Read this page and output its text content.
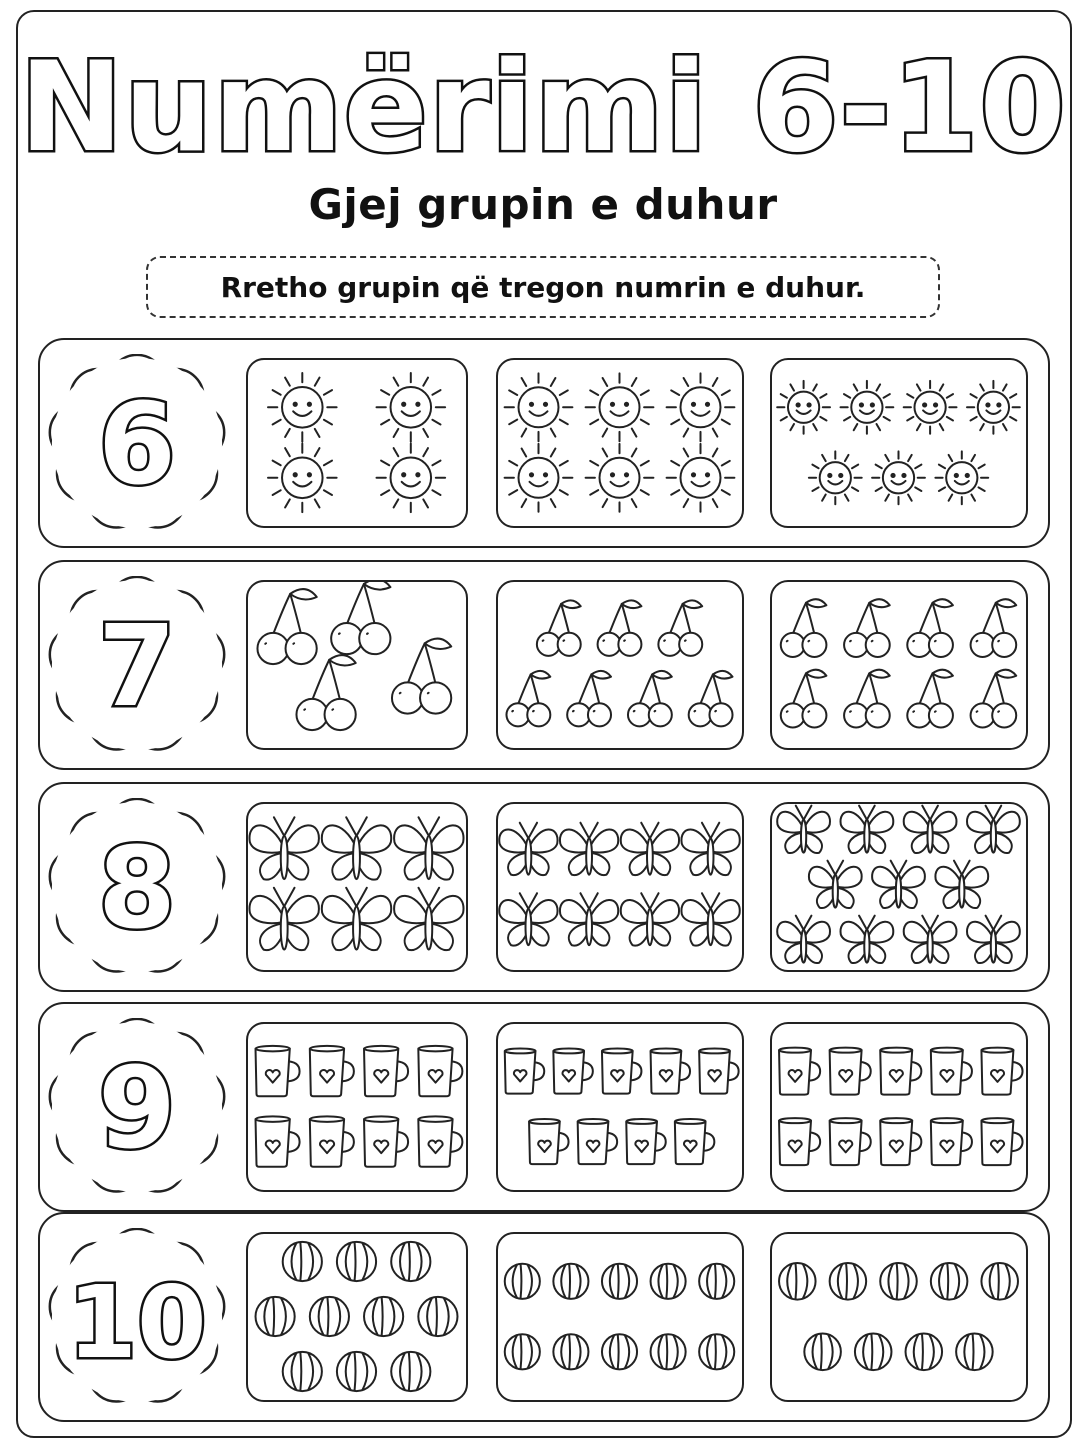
Numërimi 6-10
Gjej grupin e duhur
Rretho grupin që tregon numrin e duhur.
6
7
8
9
10
